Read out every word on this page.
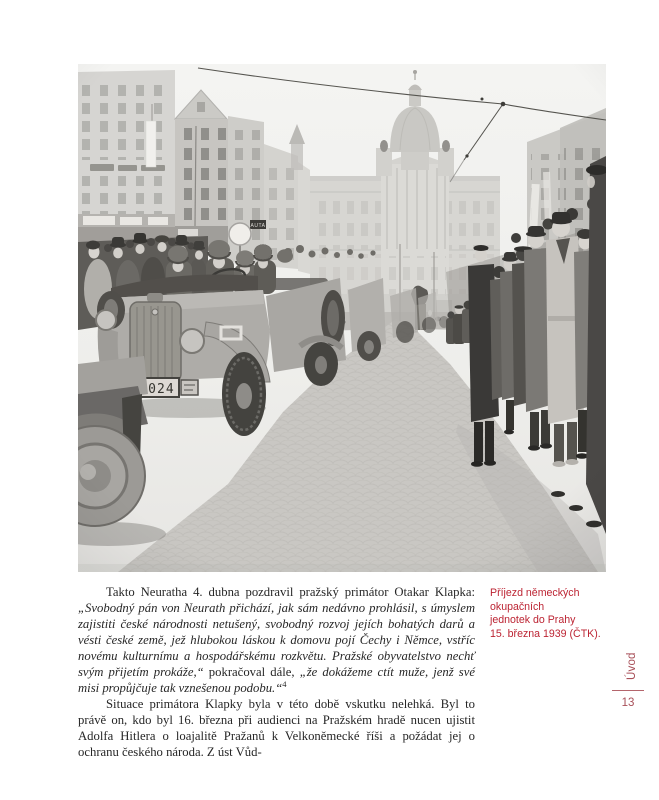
Příjezd německých okupačních
jednotek do Prahy
15. března 1939 (ČTK).

Takto Neuratha 4. dubna pozdravil pražský primátor Otakar Klapka: „Svobodný pán von Neurath přichází, jak sám nedávno prohlásil, s úmyslem zajistiti české národnosti netušený, svobodný rozvoj jejích bohatých darů a vésti české země, jež hlubokou láskou k domovu pojí Čechy i Němce, vstříc novému kulturnímu a hospodářskému rozkvětu. Pražské obyvatelstvo nechť svým přijetím prokáže,“ pokračoval dále, „že dokážeme ctít muže, jenž své misi propůjčuje tak vznešenou podobu.“$^4$

Situace primátora Klapky byla v této době vskutku nelehká. Byl to právě on, kdo byl 16. března při audienci na Pražském hradě nucen ujistit Adolfa Hitlera o loajalitě Pražanů k Velkoněmecké říši a požádat jej o ochranu českého národa. Z úst Vůd-

Úvod
13
